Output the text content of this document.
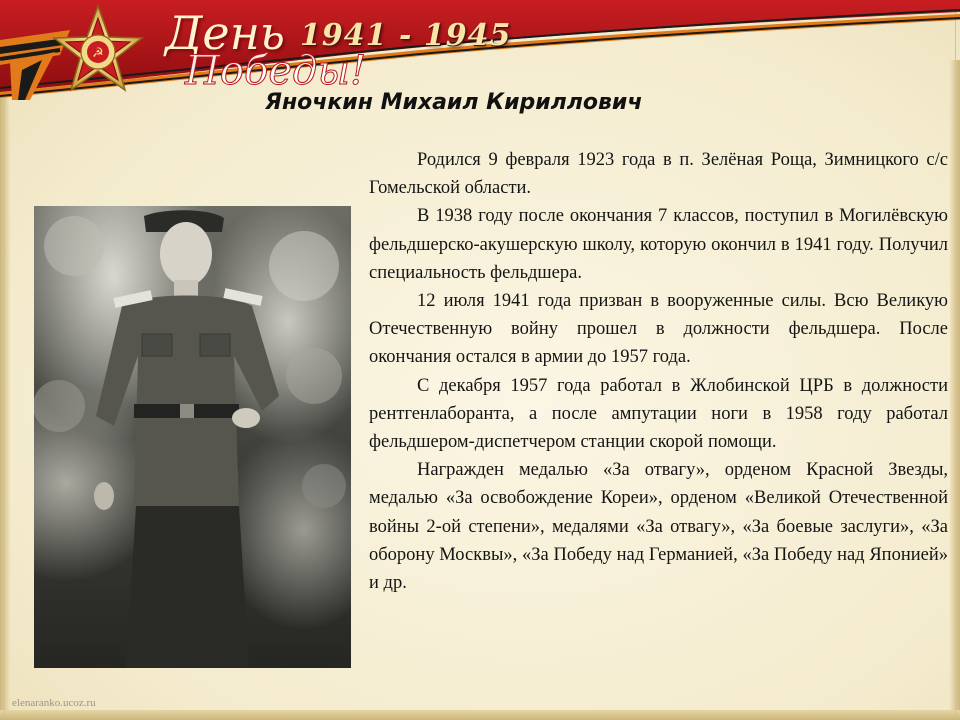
☭ День
Победы!
1941 - 1945
Яночкин Михаил Кириллович

Родился 9 февраля 1923 года в п. Зелёная Роща, Зимницкого с/с Гомельской области.

В 1938 году после окончания 7 классов, поступил в Могилёвскую фельдшерско-акушерскую школу, которую окончил в 1941 году. Получил специальность фельдшера.

12 июля 1941 года призван в вооруженные силы. Всю Великую Отечественную войну прошел в должности фельдшера. После окончания остался в армии до 1957 года.

С декабря 1957 года работал в Жлобинской ЦРБ в должности рентгенлаборанта, а после ампутации ноги в 1958 году работал фельдшером-диспетчером станции скорой помощи.

Награжден медалью «За отвагу», орденом Красной Звезды, медалью «За освобождение Кореи», орденом «Великой Отечественной войны 2-ой степени», медалями «За отвагу», «За боевые заслуги», «За оборону Москвы», «За Победу над Германией, «За Победу над Японией» и др.

elenaranko.ucoz.ru
